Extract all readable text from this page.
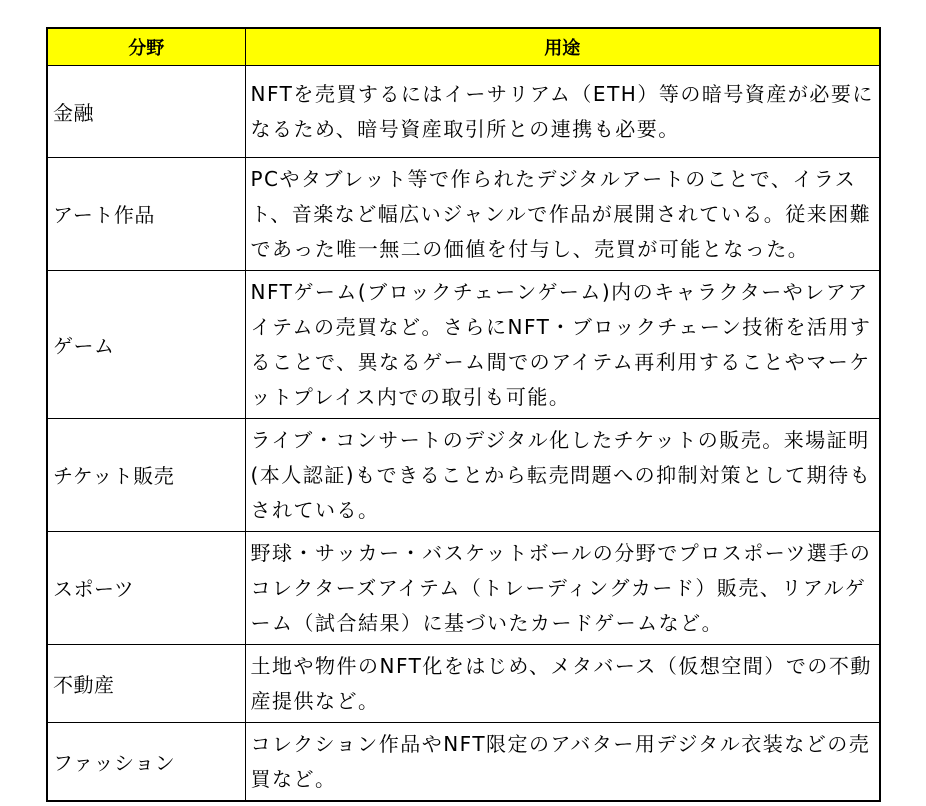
分野	用途
金融	NFTを売買するにはイーサリアム（ETH）等の暗号資産が必要になるため、暗号資産取引所との連携も必要。
アート作品	PCやタブレット等で作られたデジタルアートのことで、イラスト、音楽など幅広いジャンルで作品が展開されている。従来困難であった唯一無二の価値を付与し、売買が可能となった。
ゲーム	NFTゲーム(ブロックチェーンゲーム)内のキャラクターやレアアイテムの売買など。さらにNFT・ブロックチェーン技術を活用することで、異なるゲーム間でのアイテム再利用することやマーケットプレイス内での取引も可能。
チケット販売	ライブ・コンサートのデジタル化したチケットの販売。来場証明(本人認証)もできることから転売問題への抑制対策として期待もされている。
スポーツ	野球・サッカー・バスケットボールの分野でプロスポーツ選手のコレクターズアイテム（トレーディングカード）販売、リアルゲーム（試合結果）に基づいたカードゲームなど。
不動産	土地や物件のNFT化をはじめ、メタバース（仮想空間）での不動産提供など。
ファッション	コレクション作品やNFT限定のアバター用デジタル衣装などの売買など。
